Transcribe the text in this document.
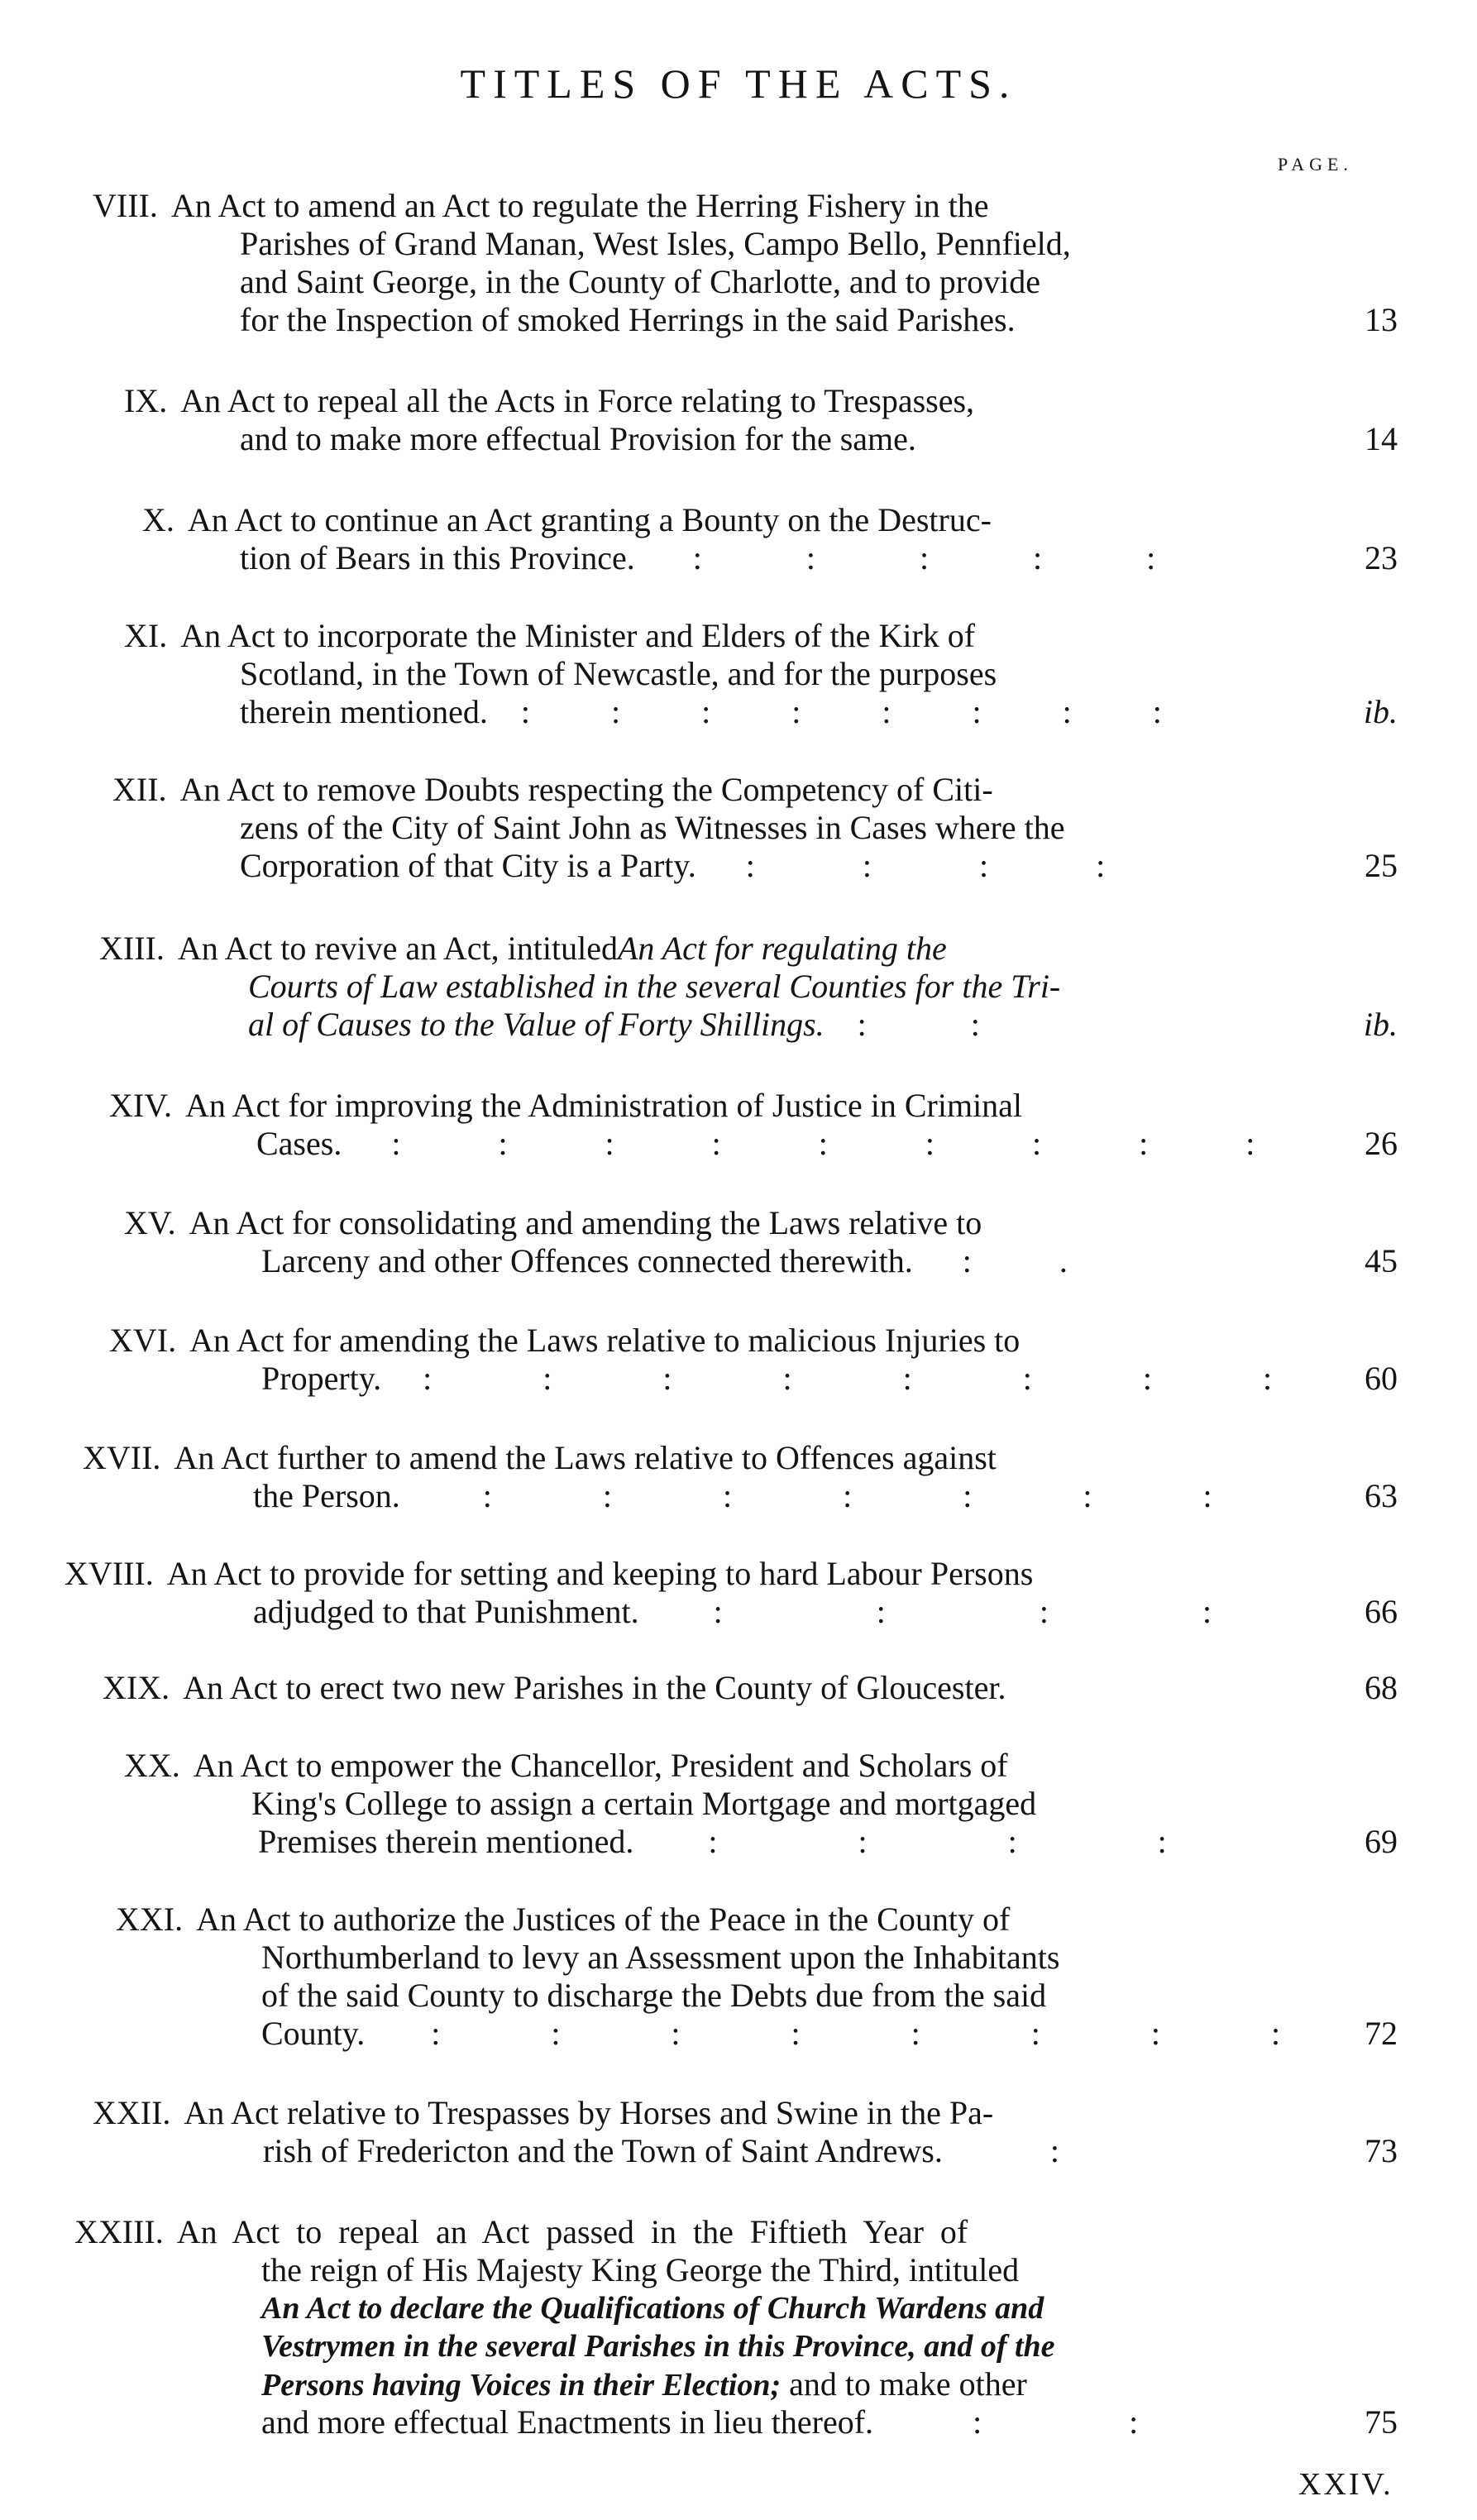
TITLES OF THE ACTS.
PAGE.
VIII. An Act to amend an Act to regulate the Herring Fishery in the
Parishes of Grand Manan, West Isles, Campo Bello, Pennfield,
and Saint George, in the County of Charlotte, and to provide
for the Inspection of smoked Herrings in the said Parishes.	13
IX. An Act to repeal all the Acts in Force relating to Trespasses,
and to make more effectual Provision for the same.	14
X. An Act to continue an Act granting a Bounty on the Destruc-
tion of Bears in this Province. : : : : :	23
XI. An Act to incorporate the Minister and Elders of the Kirk of
Scotland, in the Town of Newcastle, and for the purposes
therein mentioned. : : : : : : : :	ib.
XII. An Act to remove Doubts respecting the Competency of Citi-
zens of the City of Saint John as Witnesses in Cases where the
Corporation of that City is a Party. : : : :	25
XIII. An Act to revive an Act, intituledAn Act for regulating the
Courts of Law established in the several Counties for the Tri-
al of Causes to the Value of Forty Shillings. : :	ib.
XIV. An Act for improving the Administration of Justice in Criminal
Cases. : : : : : : : : :	26
XV. An Act for consolidating and amending the Laws relative to
Larceny and other Offences connected therewith. : .	45
XVI. An Act for amending the Laws relative to malicious Injuries to
Property. : : : : : : : :	60
XVII. An Act further to amend the Laws relative to Offences against
the Person.	: : : : : : :	63
XVIII. An Act to provide for setting and keeping to hard Labour Persons
adjudged to that Punishment. : : : :	66
XIX. An Act to erect two new Parishes in the County of Gloucester.	68
XX. An Act to empower the Chancellor, President and Scholars of
King's College to assign a certain Mortgage and mortgaged
Premises therein mentioned. : : : :	69
XXI. An Act to authorize the Justices of the Peace in the County of
Northumberland to levy an Assessment upon the Inhabitants
of the said County to discharge the Debts due from the said
County. : : : : : : : : 72
XXII. An Act relative to Trespasses by Horses and Swine in the Pa-
rish of Fredericton and the Town of Saint Andrews.	:	73
XXIII. An Act to repeal an Act passed in the Fiftieth Year of
the reign of His Majesty King George the Third, intituled
An Act to declare the Qualifications of Church Wardens and
Vestrymen in the several Parishes in this Province, and of the
Persons having Voices in their Election; and to make other
and more effectual Enactments in lieu thereof.	: :	75
XXIV.
